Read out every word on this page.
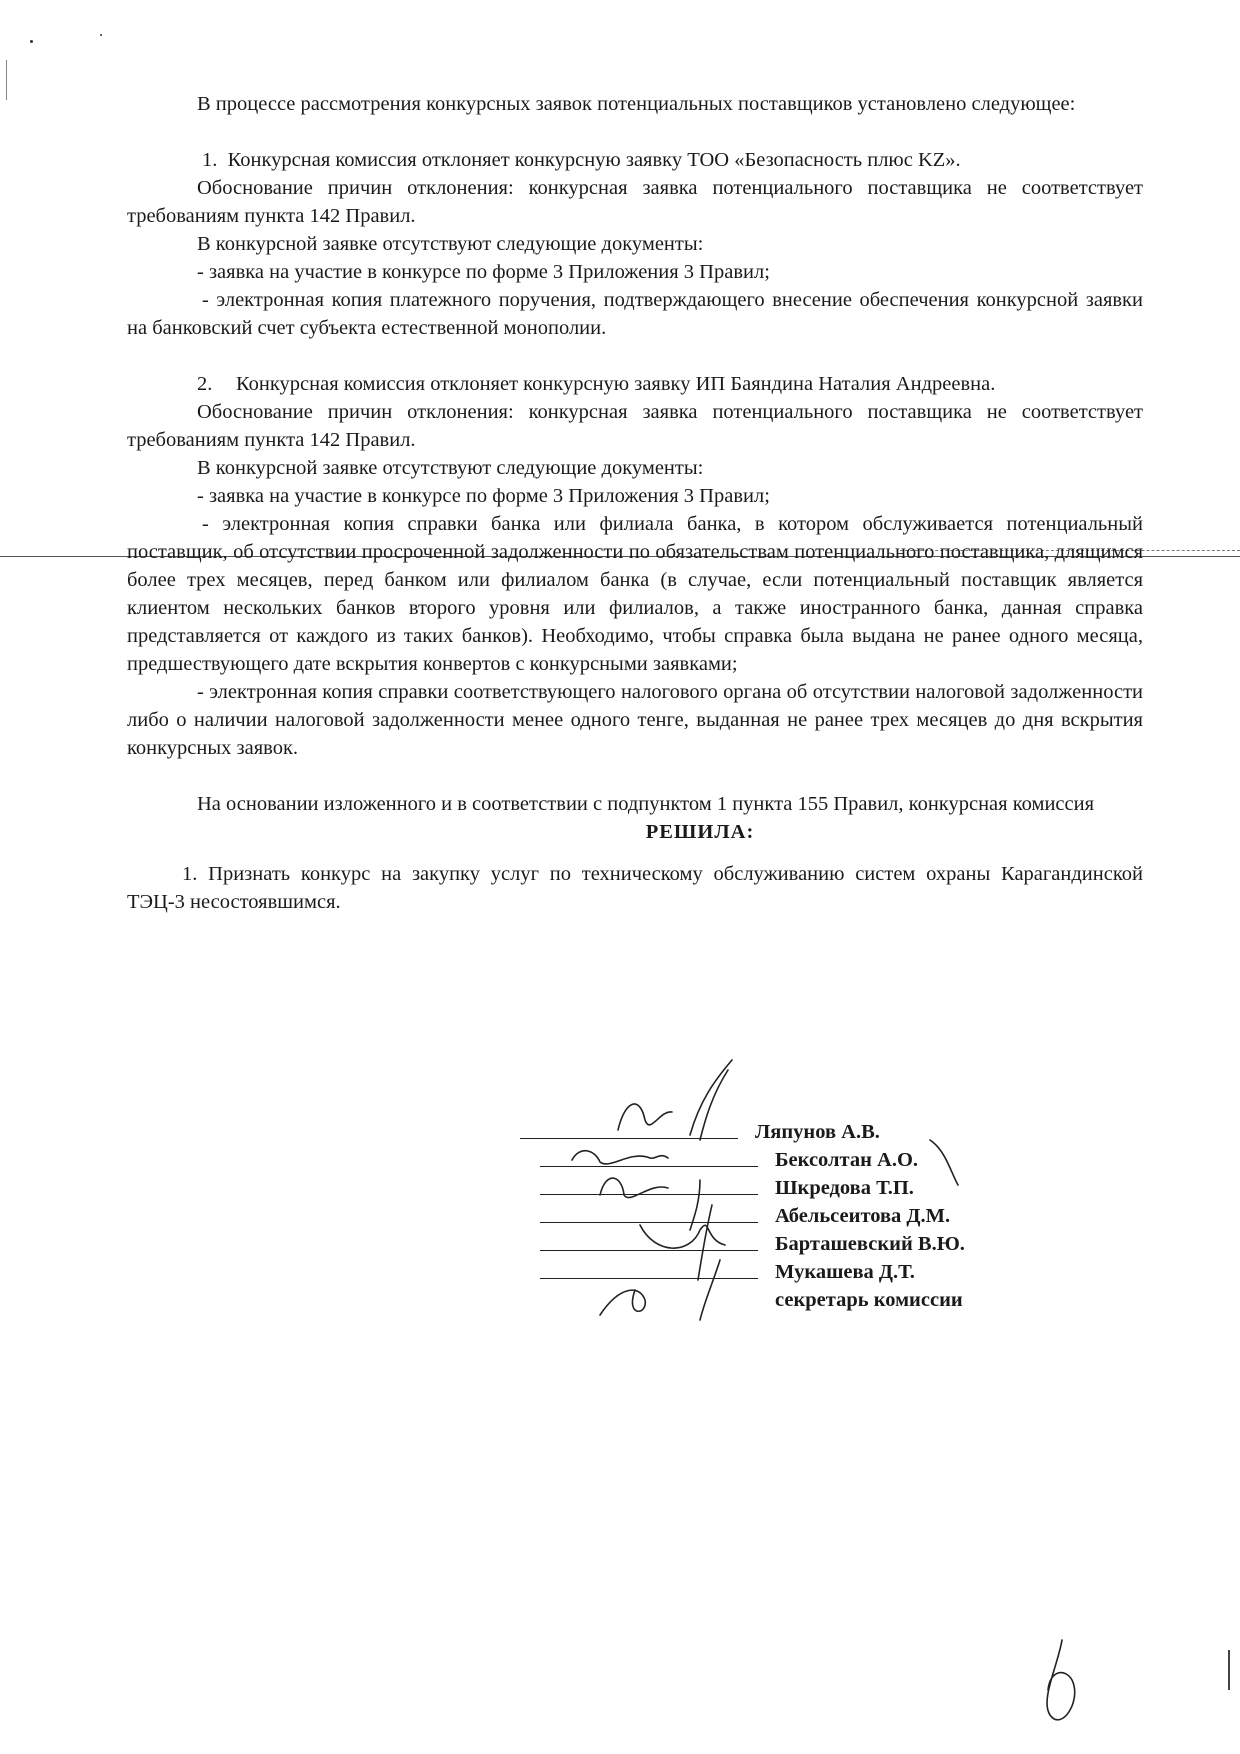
В процессе рассмотрения конкурсных заявок потенциальных поставщиков установлено следующее:

1. Конкурсная комиссия отклоняет конкурсную заявку ТОО «Безопасность плюс KZ».

Обоснование причин отклонения: конкурсная заявка потенциального поставщика не соответствует требованиям пункта 142 Правил.

В конкурсной заявке отсутствуют следующие документы:

- заявка на участие в конкурсе по форме 3 Приложения 3 Правил;

- электронная копия платежного поручения, подтверждающего внесение обеспечения конкурсной заявки на банковский счет субъекта естественной монополии.

2. Конкурсная комиссия отклоняет конкурсную заявку ИП Баяндина Наталия Андреевна.

Обоснование причин отклонения: конкурсная заявка потенциального поставщика не соответствует требованиям пункта 142 Правил.

В конкурсной заявке отсутствуют следующие документы:

- заявка на участие в конкурсе по форме 3 Приложения 3 Правил;

- электронная копия справки банка или филиала банка, в котором обслуживается потенциальный поставщик, об отсутствии просроченной задолженности по обязательствам потенциального поставщика, длящимся более трех месяцев, перед банком или филиалом банка (в случае, если потенциальный поставщик является клиентом нескольких банков второго уровня или филиалов, а также иностранного банка, данная справка представляется от каждого из таких банков). Необходимо, чтобы справка была выдана не ранее одного месяца, предшествующего дате вскрытия конвертов с конкурсными заявками;

- электронная копия справки соответствующего налогового органа об отсутствии налоговой задолженности либо о наличии налоговой задолженности менее одного тенге, выданная не ранее трех месяцев до дня вскрытия конкурсных заявок.

На основании изложенного и в соответствии с подпунктом 1 пункта 155 Правил, конкурсная комиссия

РЕШИЛА:

1. Признать конкурс на закупку услуг по техническому обслуживанию систем охраны Карагандинской ТЭЦ-3 несостоявшимся.

Ляпунов А.В.
Бексолтан А.О.
Шкредова Т.П.
Абельсеитова Д.М.
Барташевский В.Ю.
Мукашева Д.Т.
секретарь комиссии
